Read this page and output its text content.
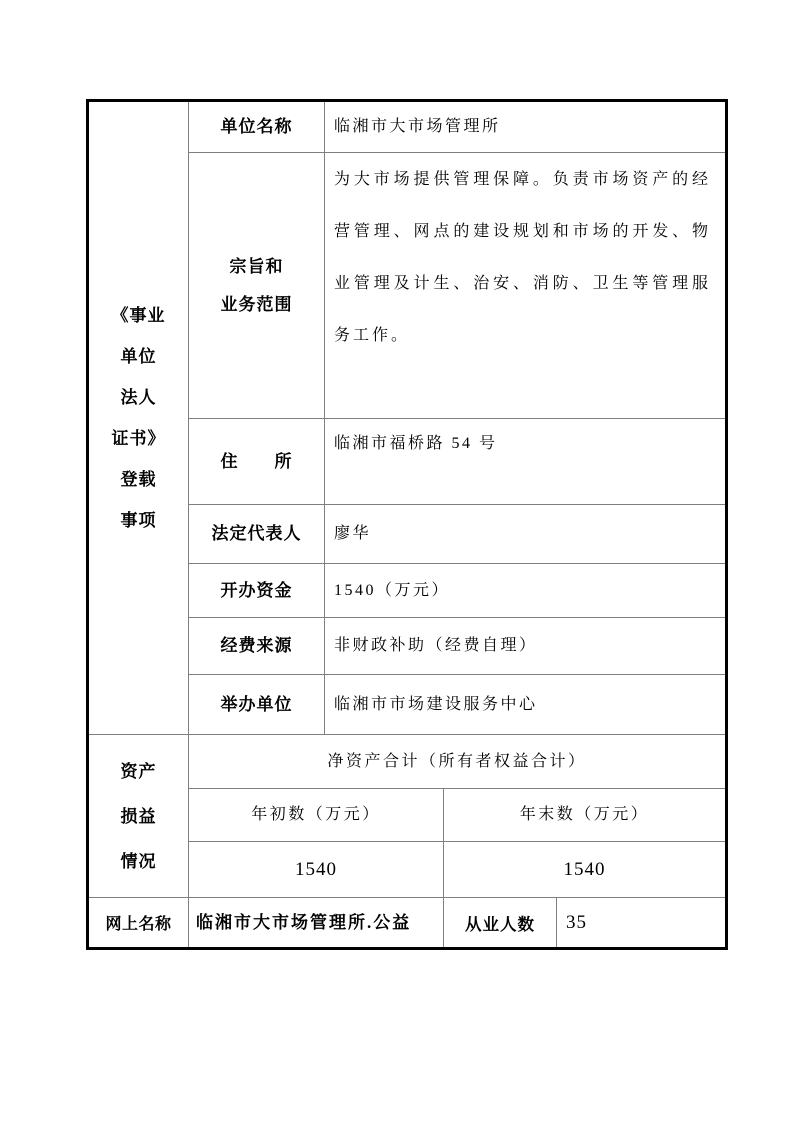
《事业
单位
法人
证书》
登载
事项
	单位名称	临湘市大市场管理所

	宗旨和
业务范围	为大市场提供管理保障。负责市场资产的经营管理、网点的建设规划和市场的开发、物业管理及计生、治安、消防、卫生等管理服务工作。		
	住　　所	临湘市福桥路 54 号		
	法定代表人	廖华		
	开办资金	1540（万元）		
	经费来源	非财政补助（经费自理）		
	举办单位	临湘市市场建设服务中心		

资产
损益
情况	净资产合计（所有者权益合计）			
	年初数（万元）		年末数（万元）	
	1540		1540	
网上名称	临湘市大市场管理所.公益		从业人数	35
